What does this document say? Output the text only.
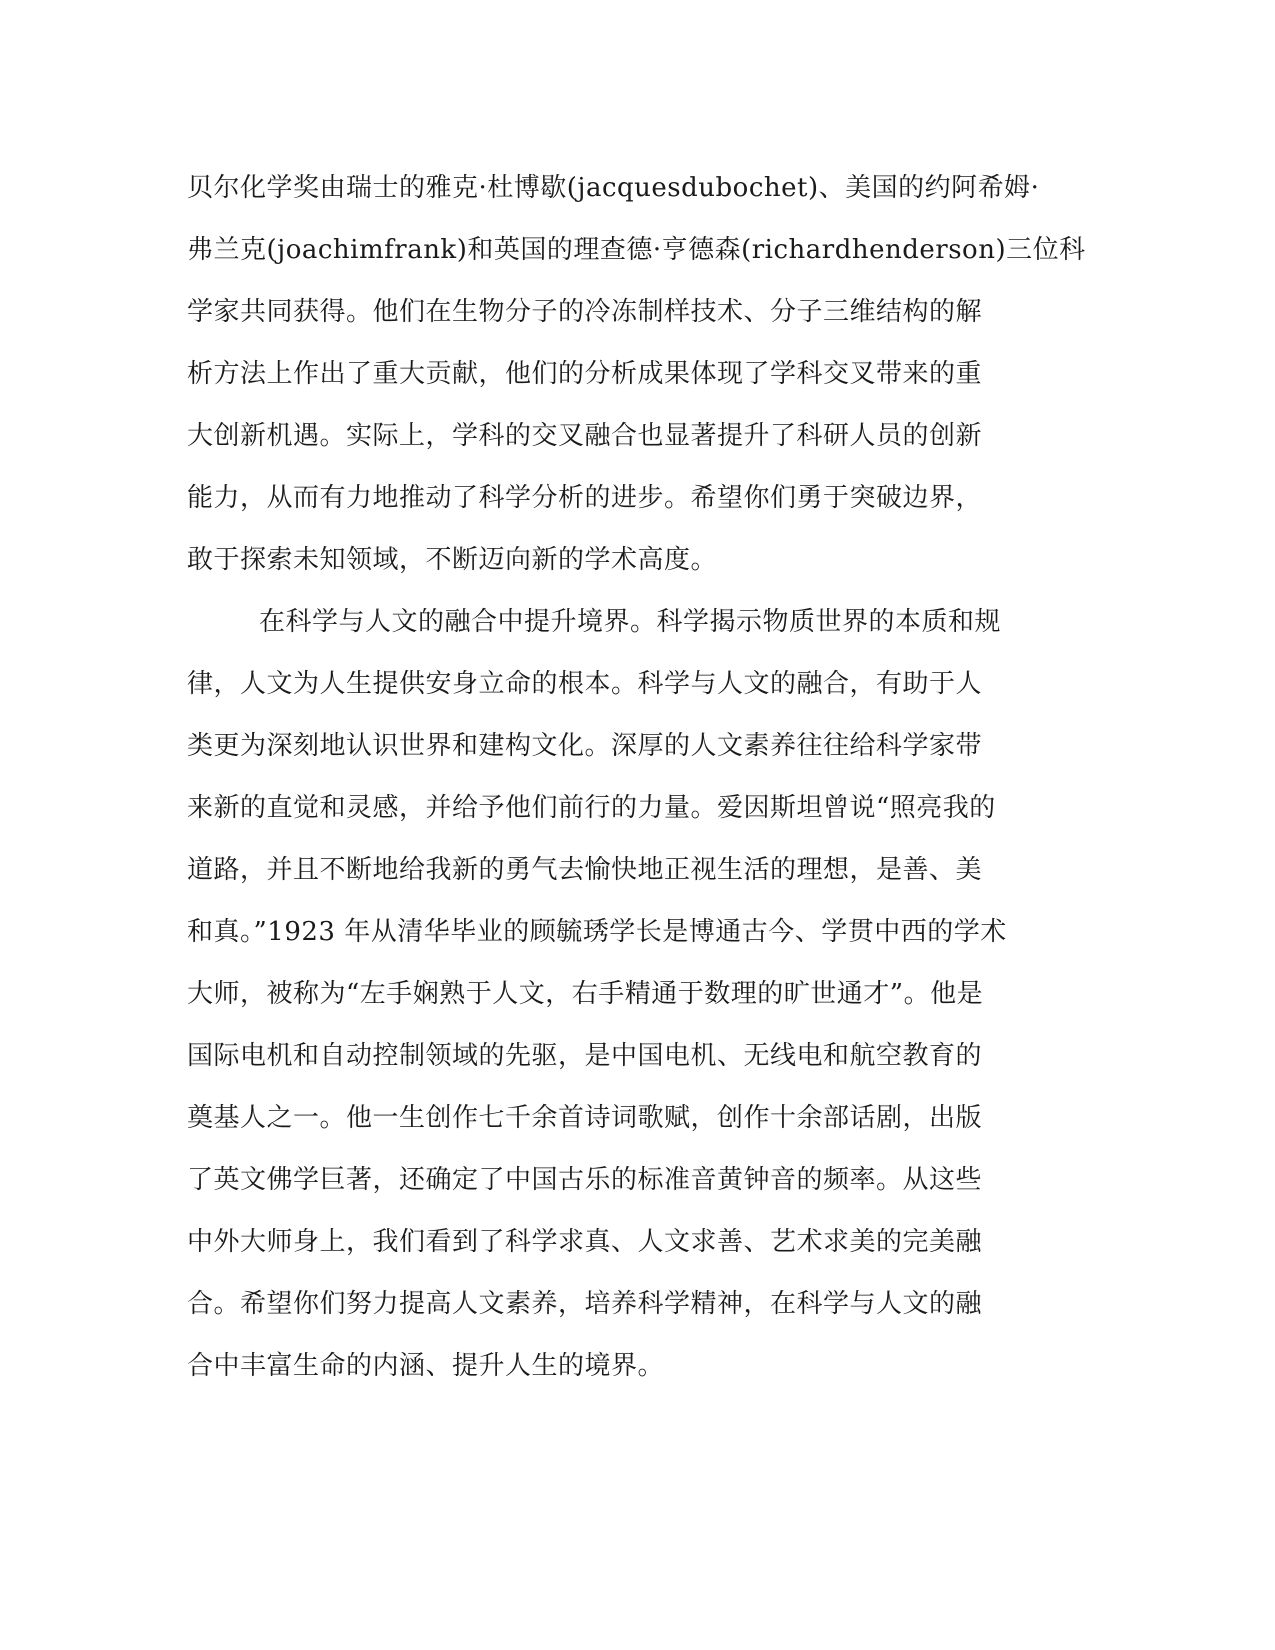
贝尔化学奖由瑞士的雅克·杜博歇(jacquesdubochet)、美国的约阿希姆·
弗兰克(joachimfrank)和英国的理查德·亨德森(richardhenderson)三位科
学家共同获得。他们在生物分子的冷冻制样技术、分子三维结构的解
析方法上作出了重大贡献，他们的分析成果体现了学科交叉带来的重
大创新机遇。实际上，学科的交叉融合也显著提升了科研人员的创新
能力，从而有力地推动了科学分析的进步。希望你们勇于突破边界，
敢于探索未知领域，不断迈向新的学术高度。
在科学与人文的融合中提升境界。科学揭示物质世界的本质和规
律，人文为人生提供安身立命的根本。科学与人文的融合，有助于人
类更为深刻地认识世界和建构文化。深厚的人文素养往往给科学家带
来新的直觉和灵感，并给予他们前行的力量。爱因斯坦曾说“照亮我的
道路，并且不断地给我新的勇气去愉快地正视生活的理想，是善、美
和真。”1923 年从清华毕业的顾毓琇学长是博通古今、学贯中西的学术
大师，被称为“左手娴熟于人文，右手精通于数理的旷世通才”。他是
国际电机和自动控制领域的先驱，是中国电机、无线电和航空教育的
奠基人之一。他一生创作七千余首诗词歌赋，创作十余部话剧，出版
了英文佛学巨著，还确定了中国古乐的标准音黄钟音的频率。从这些
中外大师身上，我们看到了科学求真、人文求善、艺术求美的完美融
合。希望你们努力提高人文素养，培养科学精神，在科学与人文的融
合中丰富生命的内涵、提升人生的境界。
